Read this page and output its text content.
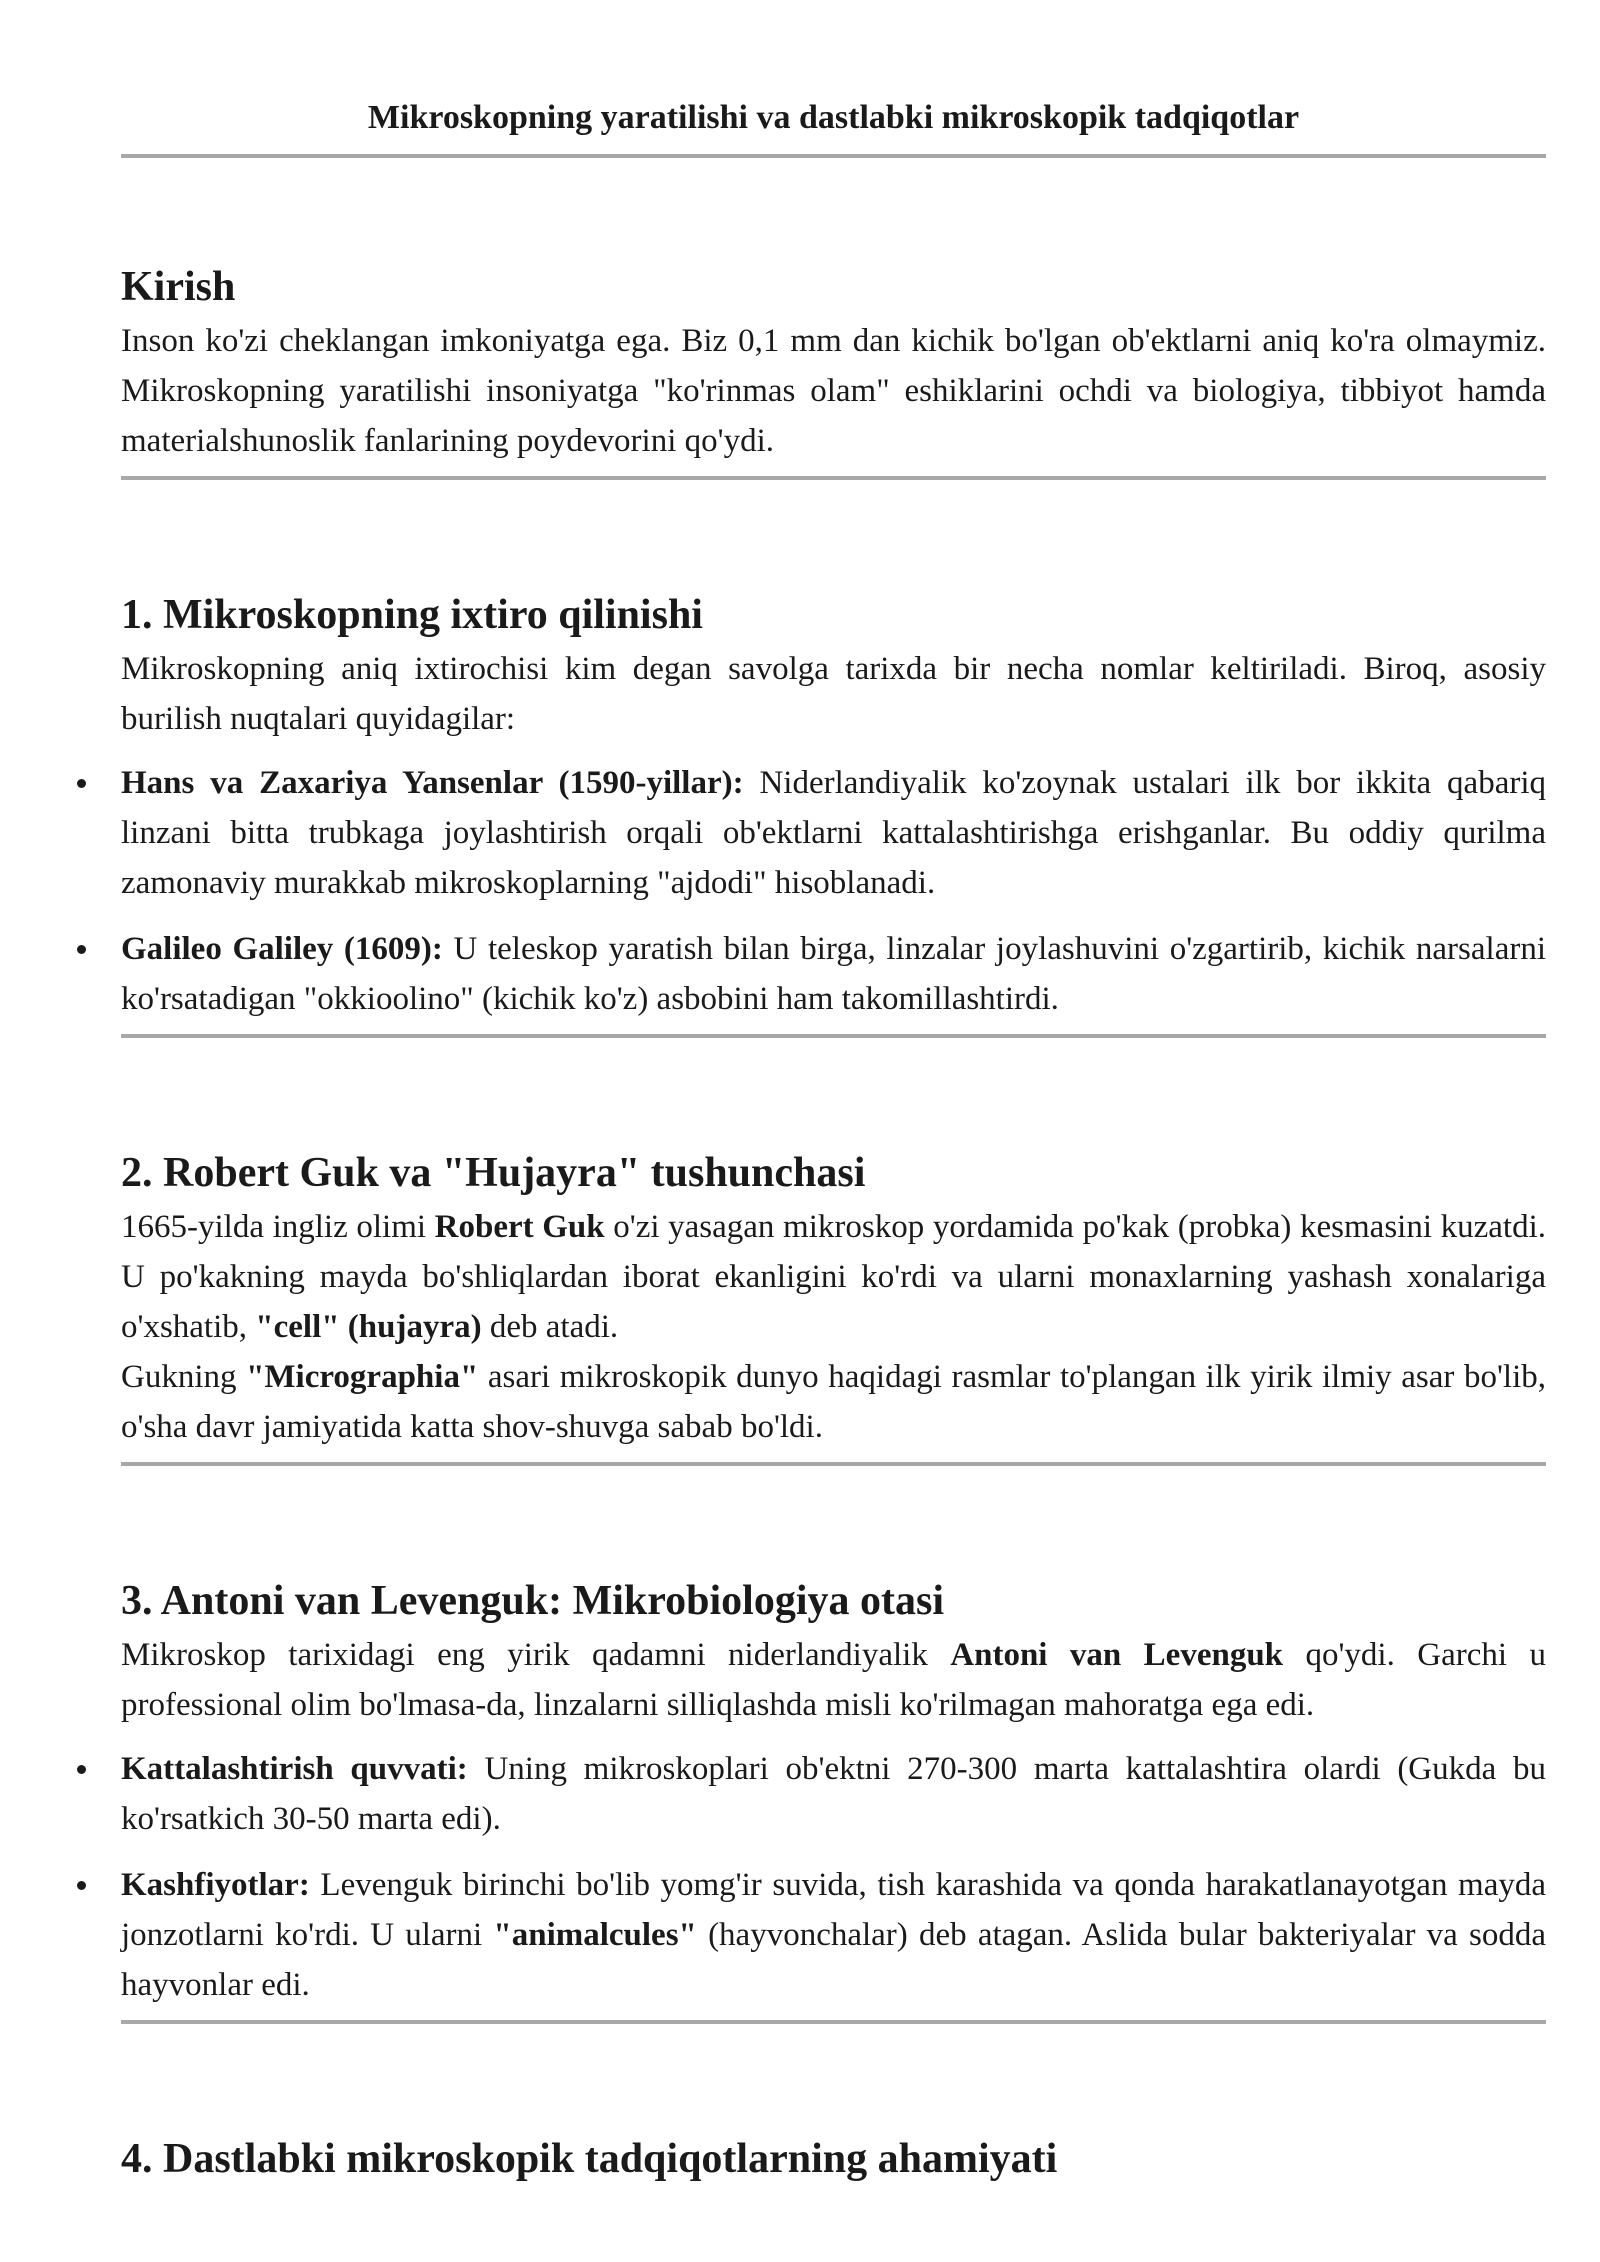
Mikroskopning yaratilishi va dastlabki mikroskopik tadqiqotlar
Kirish

Inson ko'zi cheklangan imkoniyatga ega. Biz 0,1 mm dan kichik bo'lgan ob'ektlarni aniq ko'ra olmaymiz. Mikroskopning yaratilishi insoniyatga "ko'rinmas olam" eshiklarini ochdi va biologiya, tibbiyot hamda materialshunoslik fanlarining poydevorini qo'ydi.

1. Mikroskopning ixtiro qilinishi

Mikroskopning aniq ixtirochisi kim degan savolga tarixda bir necha nomlar keltiriladi. Biroq, asosiy burilish nuqtalari quyidagilar:

Hans va Zaxariya Yansenlar (1590-yillar): Niderlandiyalik ko'zoynak ustalari ilk bor ikkita qabariq linzani bitta trubkaga joylashtirish orqali ob'ektlarni kattalashtirishga erishganlar. Bu oddiy qurilma zamonaviy murakkab mikroskoplarning "ajdodi" hisoblanadi.
Galileo Galiley (1609): U teleskop yaratish bilan birga, linzalar joylashuvini o'zgartirib, kichik narsalarni ko'rsatadigan "okkioolino" (kichik ko'z) asbobini ham takomillashtirdi.
2. Robert Guk va "Hujayra" tushunchasi

1665-yilda ingliz olimi Robert Guk o'zi yasagan mikroskop yordamida po'kak (probka) kesmasini kuzatdi. U po'kakning mayda bo'shliqlardan iborat ekanligini ko'rdi va ularni monaxlarning yashash xonalariga o'xshatib, "cell" (hujayra) deb atadi.

Gukning "Micrographia" asari mikroskopik dunyo haqidagi rasmlar to'plangan ilk yirik ilmiy asar bo'lib, o'sha davr jamiyatida katta shov-shuvga sabab bo'ldi.

3. Antoni van Levenguk: Mikrobiologiya otasi

Mikroskop tarixidagi eng yirik qadamni niderlandiyalik Antoni van Levenguk qo'ydi. Garchi u professional olim bo'lmasa-da, linzalarni silliqlashda misli ko'rilmagan mahoratga ega edi.

Kattalashtirish quvvati: Uning mikroskoplari ob'ektni 270-300 marta kattalashtira olardi (Gukda bu ko'rsatkich 30-50 marta edi).
Kashfiyotlar: Levenguk birinchi bo'lib yomg'ir suvida, tish karashida va qonda harakatlanayotgan mayda jonzotlarni ko'rdi. U ularni "animalcules" (hayvonchalar) deb atagan. Aslida bular bakteriyalar va sodda hayvonlar edi.
4. Dastlabki mikroskopik tadqiqotlarning ahamiyati
